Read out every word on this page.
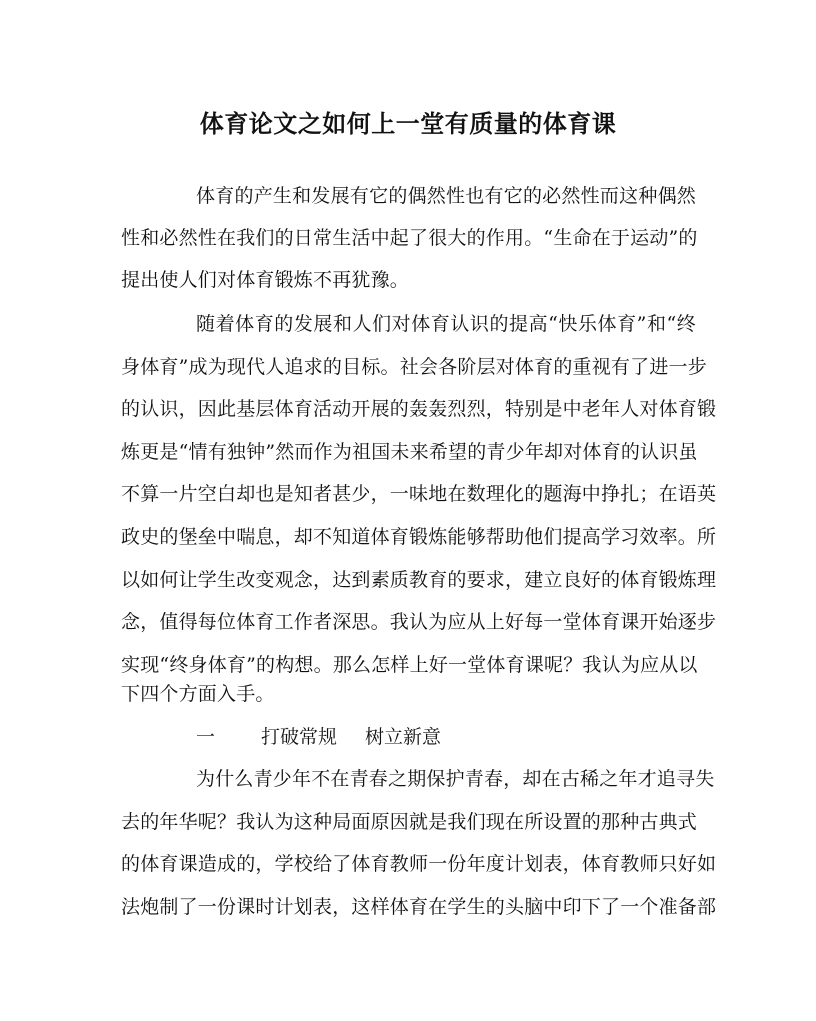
体育论文之如何上一堂有质量的体育课
体育的产生和发展有它的偶然性也有它的必然性而这种偶然
性和必然性在我们的日常生活中起了很大的作用。“生命在于运动”的
提出使人们对体育锻炼不再犹豫。
随着体育的发展和人们对体育认识的提高“快乐体育”和“终
身体育”成为现代人追求的目标。社会各阶层对体育的重视有了进一步
的认识，因此基层体育活动开展的轰轰烈烈，特别是中老年人对体育锻
炼更是“情有独钟”然而作为祖国未来希望的青少年却对体育的认识虽
不算一片空白却也是知者甚少，一味地在数理化的题海中挣扎；在语英
政史的堡垒中喘息，却不知道体育锻炼能够帮助他们提高学习效率。所
以如何让学生改变观念，达到素质教育的要求，建立良好的体育锻炼理
念，值得每位体育工作者深思。我认为应从上好每一堂体育课开始逐步
实现“终身体育”的构想。那么怎样上好一堂体育课呢？我认为应从以
下四个方面入手。
一 打破常规 树立新意
为什么青少年不在青春之期保护青春，却在古稀之年才追寻失
去的年华呢？我认为这种局面原因就是我们现在所设置的那种古典式
的体育课造成的，学校给了体育教师一份年度计划表，体育教师只好如
法炮制了一份课时计划表，这样体育在学生的头脑中印下了一个准备部
